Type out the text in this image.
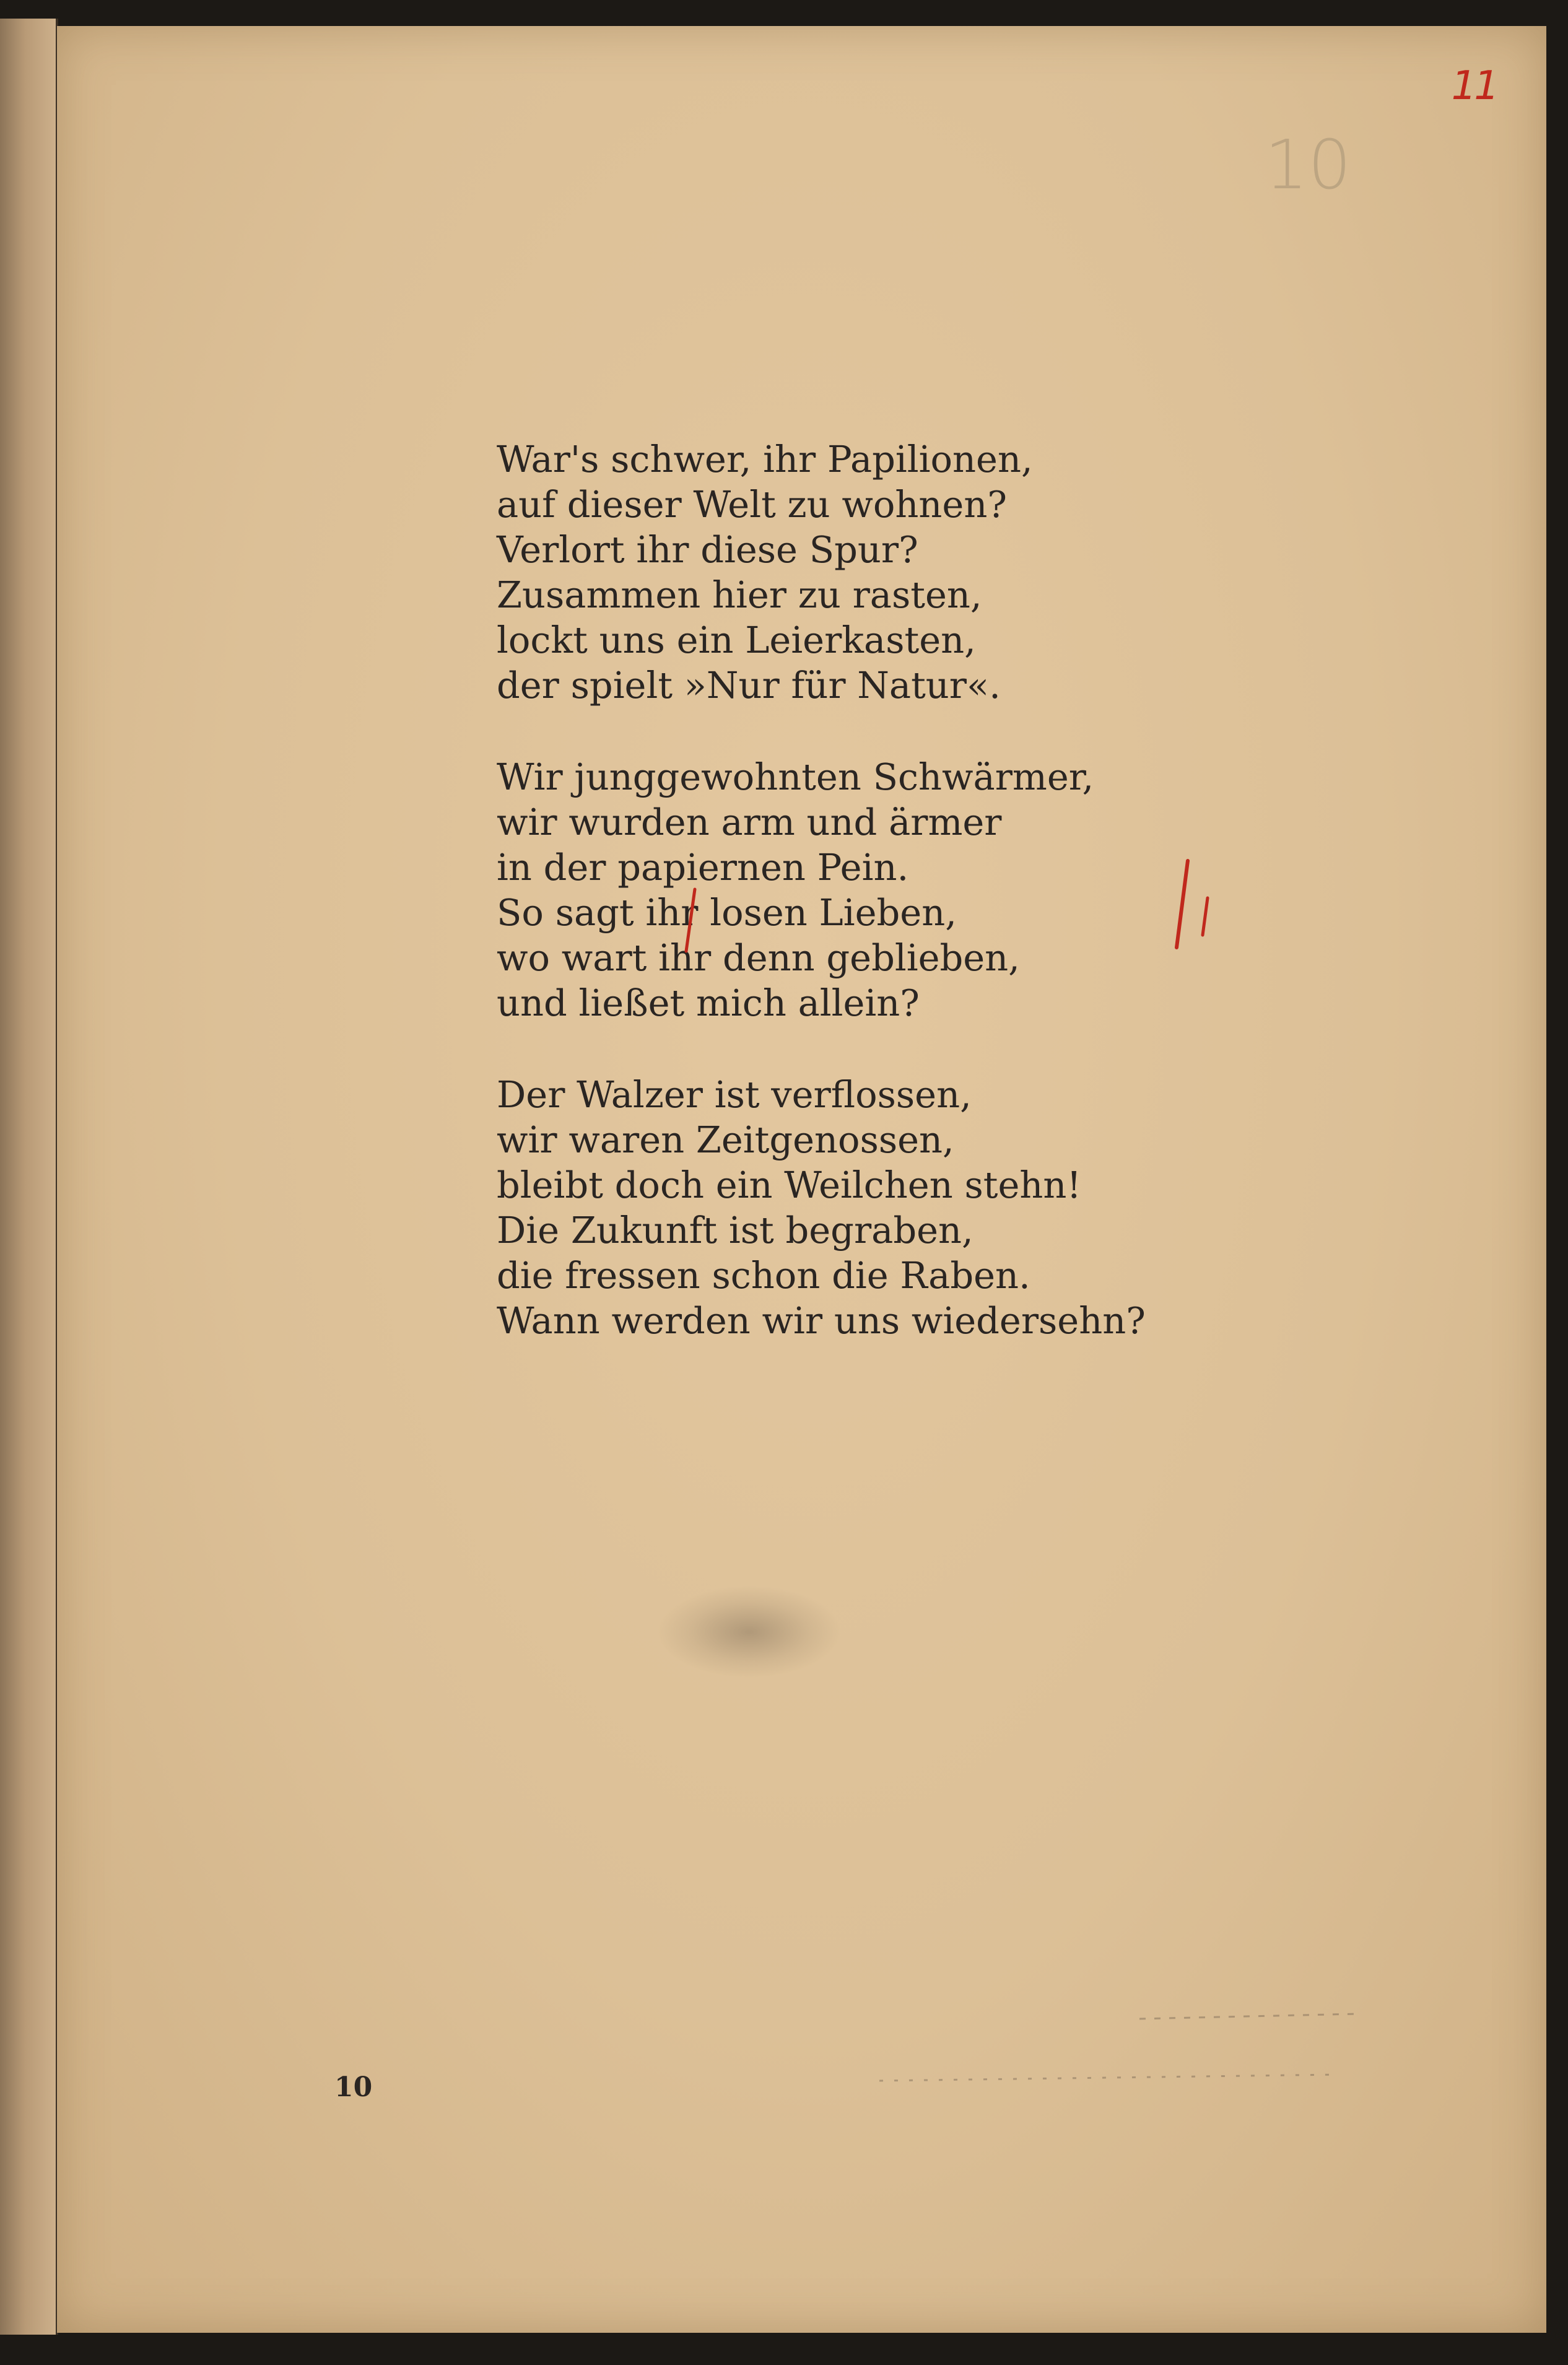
11
10
War's schwer, ihr Papilionen,
auf dieser Welt zu wohnen?
Verlort ihr diese Spur?
Zusammen hier zu rasten,
lockt uns ein Leierkasten,
der spielt »Nur für Natur«.
Wir junggewohnten Schwärmer,
wir wurden arm und ärmer
in der papiernen Pein.
So sagt ihr losen Lieben,
wo wart ihr denn geblieben,
und ließet mich allein?
Der Walzer ist verflossen,
wir waren Zeitgenossen,
bleibt doch ein Weilchen stehn!
Die Zukunft ist begraben,
die fressen schon die Raben.
Wann werden wir uns wiedersehn?
10
